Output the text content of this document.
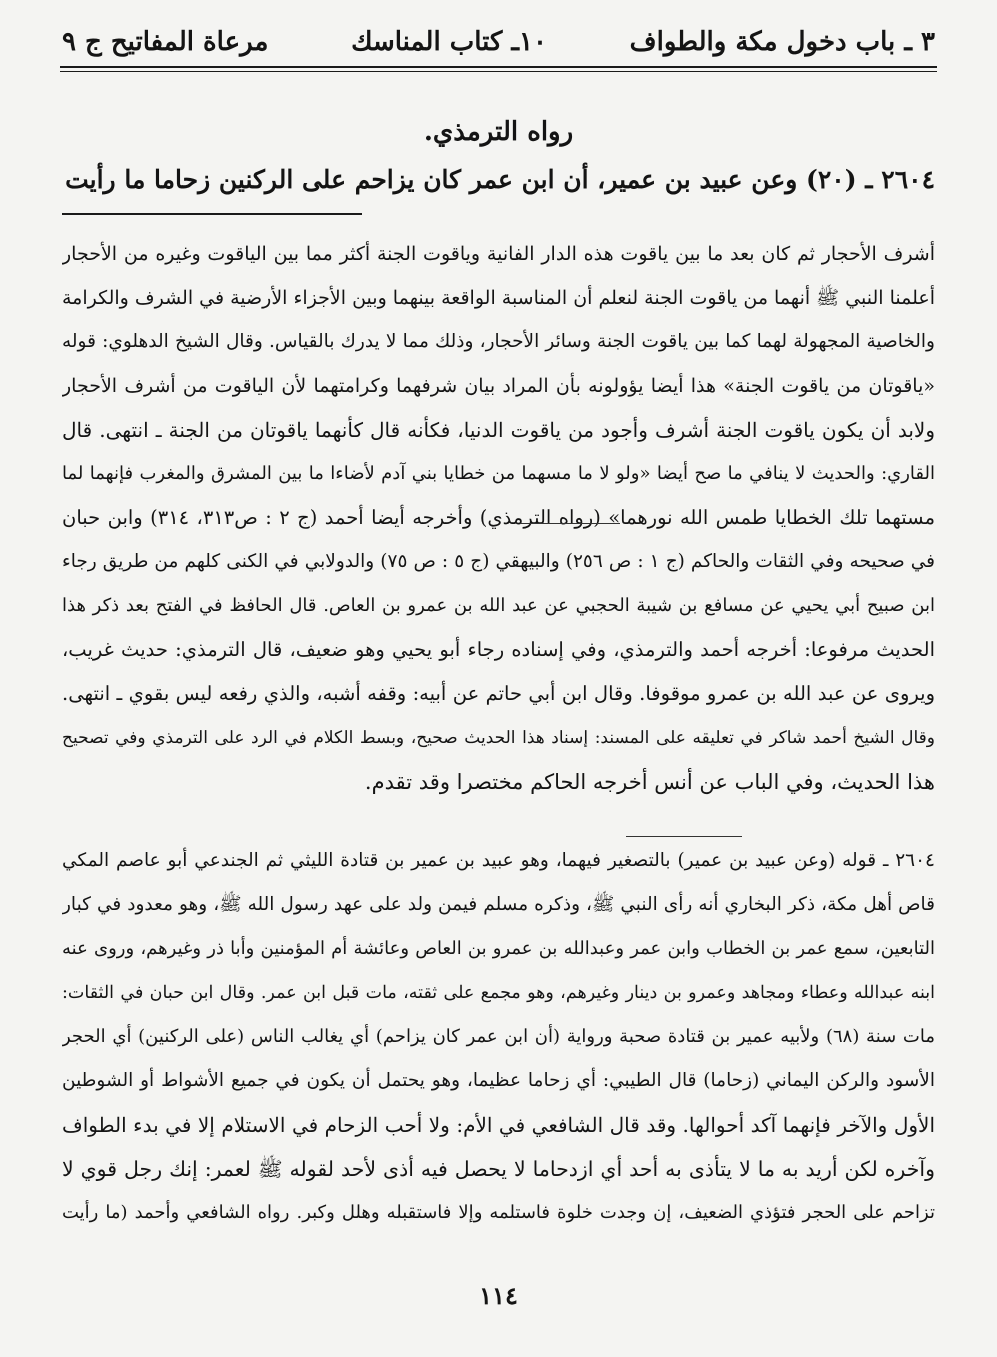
مرعاة المفاتيح ج ٩	١٠ـ كتاب المناسك	٣ ـ باب دخول مكة والطواف
رواه الترمذي.
٢٦٠٤ ـ (٢٠) وعن عبيد بن عمير، أن ابن عمر كان يزاحم على الركنين زحاما ما رأيت
أشرف الأحجار ثم كان بعد ما بين ياقوت هذه الدار الفانية وياقوت الجنة أكثر مما بين الياقوت وغيره من الأحجار
أعلمنا النبي ﷺ أنهما من ياقوت الجنة لنعلم أن المناسبة الواقعة بينهما وبين الأجزاء الأرضية في الشرف والكرامة
والخاصية المجهولة لهما كما بين ياقوت الجنة وسائر الأحجار، وذلك مما لا يدرك بالقياس. وقال الشيخ الدهلوي: قوله
«ياقوتان من ياقوت الجنة» هذا أيضا يؤولونه بأن المراد بيان شرفهما وكرامتهما لأن الياقوت من أشرف الأحجار
ولابد أن يكون ياقوت الجنة أشرف وأجود من ياقوت الدنيا، فكأنه قال كأنهما ياقوتان من الجنة ـ انتهى. قال
القاري: والحديث لا ينافي ما صح أيضا «ولو لا ما مسهما من خطايا بني آدم لأضاءا ما بين المشرق والمغرب فإنهما لما
مستهما تلك الخطايا طمس الله نورهما» (رواه الترمذي) وأخرجه أيضا أحمد (ج ٢ : ص٣١٣، ٣١٤) وابن حبان
في صحيحه وفي الثقات والحاكم (ج ١ : ص ٢٥٦) والبيهقي (ج ٥ : ص ٧٥) والدولابي في الكنى كلهم من طريق رجاء
ابن صبيح أبي يحيي عن مسافع بن شيبة الحجبي عن عبد الله بن عمرو بن العاص. قال الحافظ في الفتح بعد ذكر هذا
الحديث مرفوعا: أخرجه أحمد والترمذي، وفي إسناده رجاء أبو يحيي وهو ضعيف، قال الترمذي: حديث غريب،
ويروى عن عبد الله بن عمرو موقوفا. وقال ابن أبي حاتم عن أبيه: وقفه أشبه، والذي رفعه ليس بقوي ـ انتهى.
وقال الشيخ أحمد شاكر في تعليقه على المسند: إسناد هذا الحديث صحيح، وبسط الكلام في الرد على الترمذي وفي تصحيح
هذا الحديث، وفي الباب عن أنس أخرجه الحاكم مختصرا وقد تقدم.
٢٦٠٤ ـ قوله (وعن عبيد بن عمير) بالتصغير فيهما، وهو عبيد بن عمير بن قتادة الليثي ثم الجندعي أبو عاصم المكي
قاص أهل مكة، ذكر البخاري أنه رأى النبي ﷺ، وذكره مسلم فيمن ولد على عهد رسول الله ﷺ، وهو معدود في كبار
التابعين، سمع عمر بن الخطاب وابن عمر وعبدالله بن عمرو بن العاص وعائشة أم المؤمنين وأبا ذر وغيرهم، وروى عنه
ابنه عبدالله وعطاء ومجاهد وعمرو بن دينار وغيرهم، وهو مجمع على ثقته، مات قبل ابن عمر. وقال ابن حبان في الثقات:
مات سنة (٦٨) ولأبيه عمير بن قتادة صحبة ورواية (أن ابن عمر كان يزاحم) أي يغالب الناس (على الركنين) أي الحجر
الأسود والركن اليماني (زحاما) قال الطيبي: أي زحاما عظيما، وهو يحتمل أن يكون في جميع الأشواط أو الشوطين
الأول والآخر فإنهما آكد أحوالها. وقد قال الشافعي في الأم: ولا أحب الزحام في الاستلام إلا في بدء الطواف
وآخره لكن أريد به ما لا يتأذى به أحد أي ازدحاما لا يحصل فيه أذى لأحد لقوله ﷺ لعمر: إنك رجل قوي لا
تزاحم على الحجر فتؤذي الضعيف، إن وجدت خلوة فاستلمه وإلا فاستقبله وهلل وكبر. رواه الشافعي وأحمد (ما رأيت
١١٤
